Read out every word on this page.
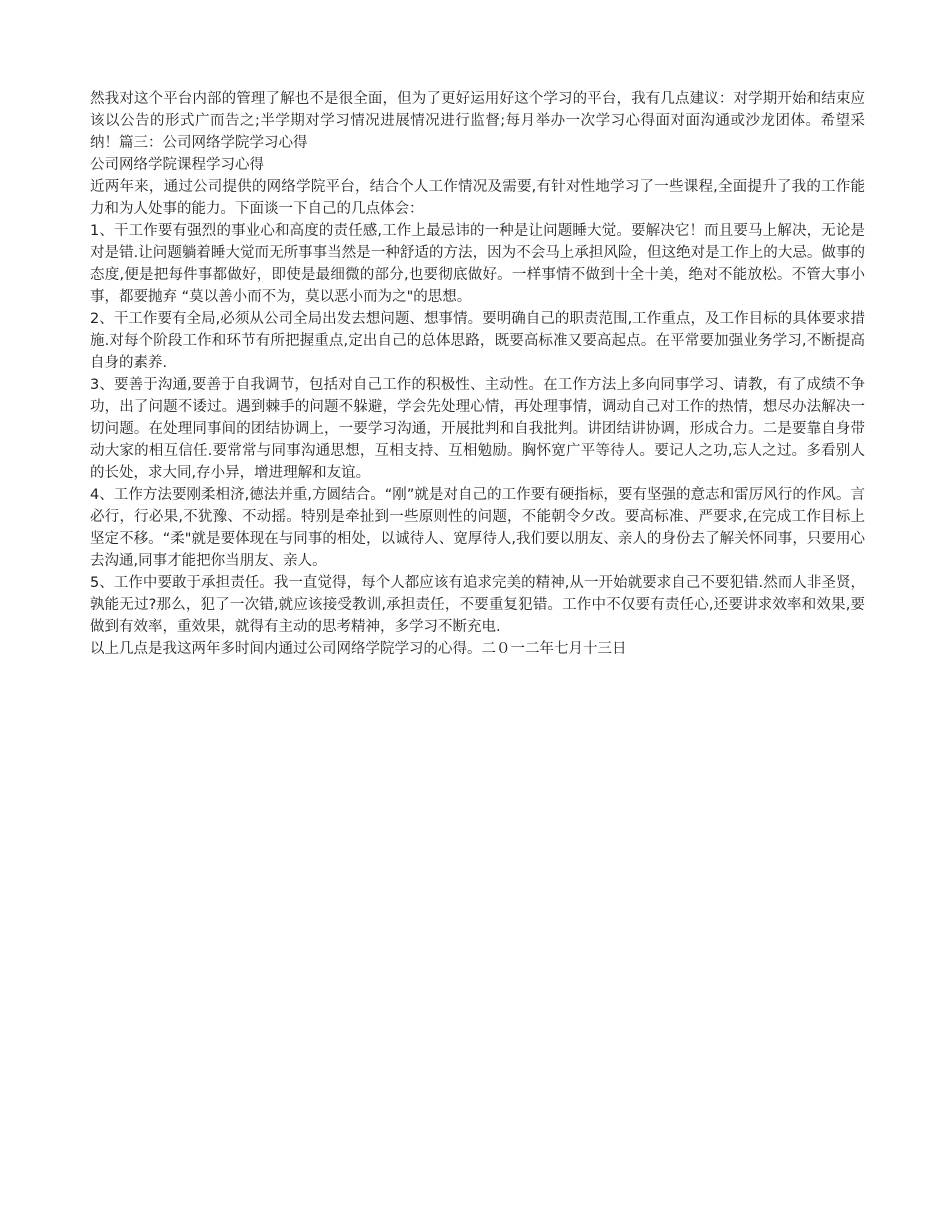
然我对这个平台内部的管理了解也不是很全面，但为了更好运用好这个学习的平台，我有几点建议：对学期开始和结束应该以公告的形式广而告之;半学期对学习情况进展情况进行监督;每月举办一次学习心得面对面沟通或沙龙团体。希望采纳！篇三：公司网络学院学习心得

公司网络学院课程学习心得

近两年来，通过公司提供的网络学院平台，结合个人工作情况及需要,有针对性地学习了一些课程,全面提升了我的工作能力和为人处事的能力。下面谈一下自己的几点体会：

1、干工作要有强烈的事业心和高度的责任感,工作上最忌讳的一种是让问题睡大觉。要解决它！而且要马上解决，无论是对是错.让问题躺着睡大觉而无所事事当然是一种舒适的方法，因为不会马上承担风险，但这绝对是工作上的大忌。做事的态度,便是把每件事都做好，即使是最细微的部分,也要彻底做好。一样事情不做到十全十美，绝对不能放松。不管大事小事，都要抛弃 “莫以善小而不为，莫以恶小而为之"的思想。

2、干工作要有全局,必须从公司全局出发去想问题、想事情。要明确自己的职责范围,工作重点，及工作目标的具体要求措施.对每个阶段工作和环节有所把握重点,定出自己的总体思路，既要高标准又要高起点。在平常要加强业务学习,不断提高自身的素养.

3、要善于沟通,要善于自我调节，包括对自己工作的积极性、主动性。在工作方法上多向同事学习、请教，有了成绩不争功，出了问题不诿过。遇到棘手的问题不躲避，学会先处理心情，再处理事情，调动自己对工作的热情，想尽办法解决一切问题。在处理同事间的团结协调上，一要学习沟通，开展批判和自我批判。讲团结讲协调，形成合力。二是要靠自身带动大家的相互信任.要常常与同事沟通思想，互相支持、互相勉励。胸怀宽广平等待人。要记人之功,忘人之过。多看别人的长处，求大同,存小异，增进理解和友谊。

4、工作方法要刚柔相济,德法并重,方圆结合。“刚”就是对自己的工作要有硬指标，要有坚强的意志和雷厉风行的作风。言必行，行必果,不犹豫、不动摇。特别是牵扯到一些原则性的问题，不能朝令夕改。要高标准、严要求,在完成工作目标上坚定不移。“柔"就是要体现在与同事的相处，以诚待人、宽厚待人,我们要以朋友、亲人的身份去了解关怀同事，只要用心去沟通,同事才能把你当朋友、亲人。

5、工作中要敢于承担责任。我一直觉得，每个人都应该有追求完美的精神,从一开始就要求自己不要犯错.然而人非圣贤，孰能无过?那么，犯了一次错,就应该接受教训,承担责任，不要重复犯错。工作中不仅要有责任心,还要讲求效率和效果,要做到有效率，重效果，就得有主动的思考精神，多学习不断充电.

以上几点是我这两年多时间内通过公司网络学院学习的心得。二０一二年七月十三日
